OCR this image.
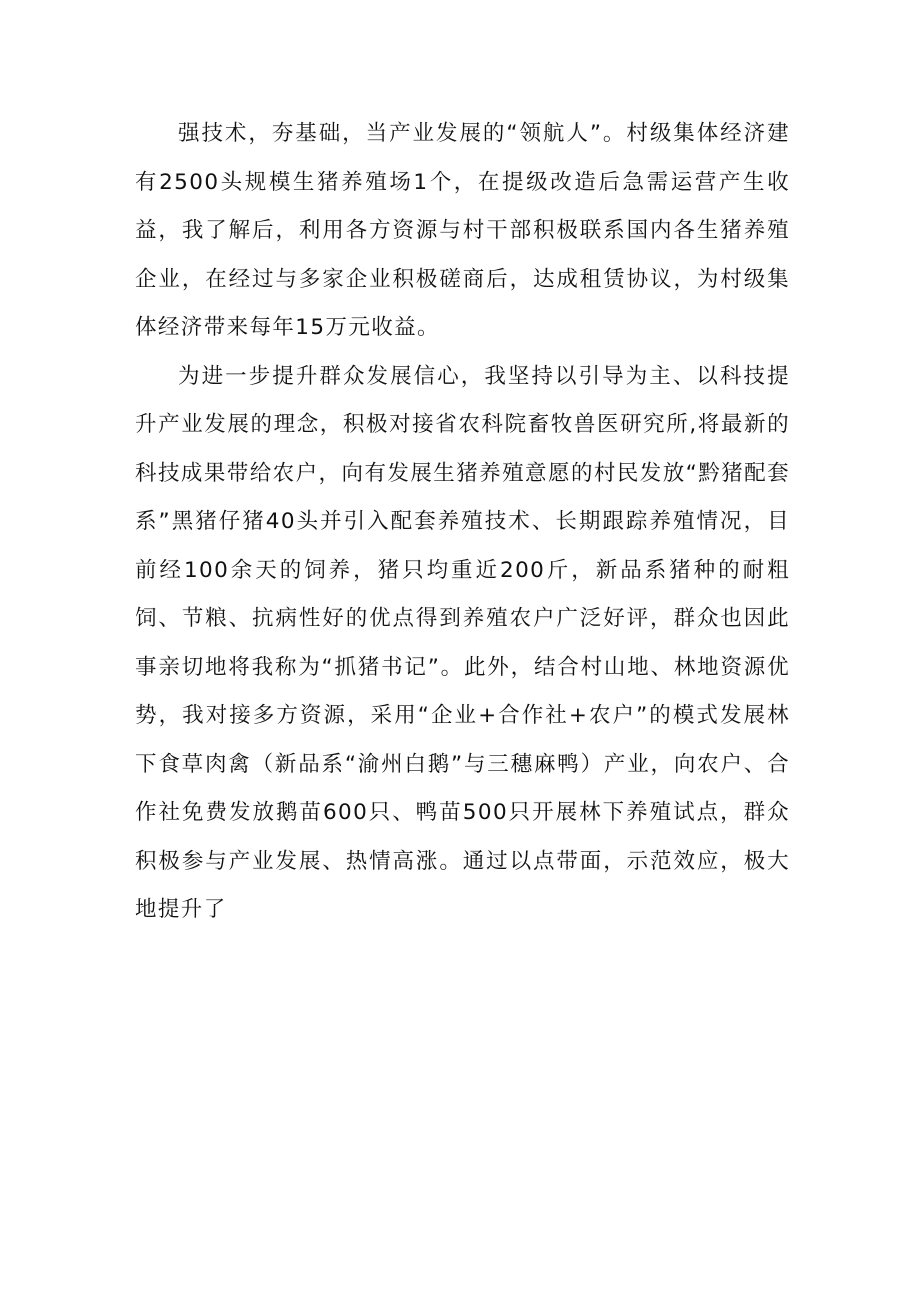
强技术，夯基础，当产业发展的“领航人”。村级集体经济建有2500头规模生猪养殖场1个，在提级改造后急需运营产生收益，我了解后，利用各方资源与村干部积极联系国内各生猪养殖企业，在经过与多家企业积极磋商后，达成租赁协议，为村级集体经济带来每年15万元收益。

为进一步提升群众发展信心，我坚持以引导为主、以科技提升产业发展的理念，积极对接省农科院畜牧兽医研究所,将最新的科技成果带给农户，向有发展生猪养殖意愿的村民发放“黔猪配套系”黑猪仔猪40头并引入配套养殖技术、长期跟踪养殖情况，目前经100余天的饲养，猪只均重近200斤，新品系猪种的耐粗饲、节粮、抗病性好的优点得到养殖农户广泛好评，群众也因此事亲切地将我称为“抓猪书记”。此外，结合村山地、林地资源优势，我对接多方资源，采用“企业+合作社+农户”的模式发展林下食草肉禽（新品系“渝州白鹅”与三穗麻鸭）产业，向农户、合作社免费发放鹅苗600只、鸭苗500只开展林下养殖试点，群众积极参与产业发展、热情高涨。通过以点带面，示范效应，极大地提升了
